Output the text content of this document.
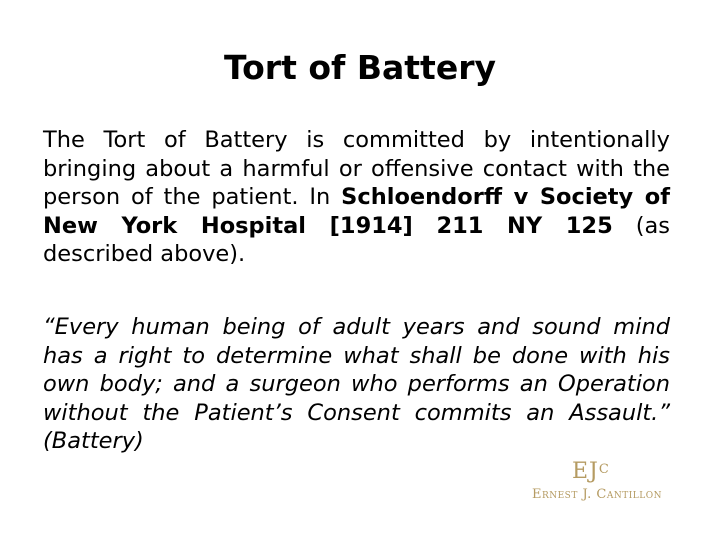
Tort of Battery

The Tort of Battery is committed by intentionally bringing about a harmful or offensive contact with the person of the patient. In Schloendorff v Society of New York Hospital [1914] 211 NY 125 (as described above).

“Every human being of adult years and sound mind has a right to determine what shall be done with his own body; and a surgeon who performs an Operation without the Patient’s Consent commits an Assault.” (Battery)

$EJ^C$
Ernest J. Cantillon
